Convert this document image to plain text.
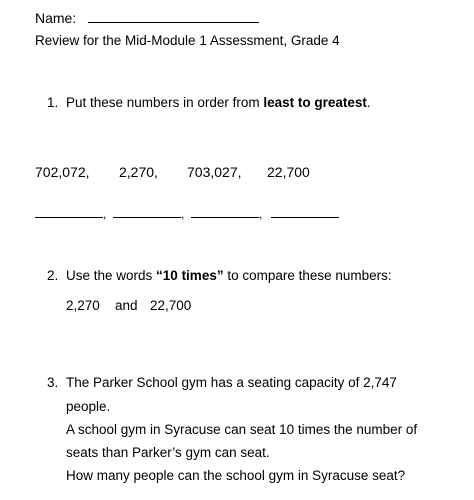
Name:
Review for the Mid-Module 1 Assessment, Grade 4
1. Put these numbers in order from least to greatest.
702,072, 2,270, 703,027, 22,700
,	,	,
2. Use the words “10 times” to compare these numbers:
2,270 and 22,700
3. The Parker School gym has a seating capacity of 2,747
people.
A school gym in Syracuse can seat 10 times the number of
seats than Parker’s gym can seat.
How many people can the school gym in Syracuse seat?
